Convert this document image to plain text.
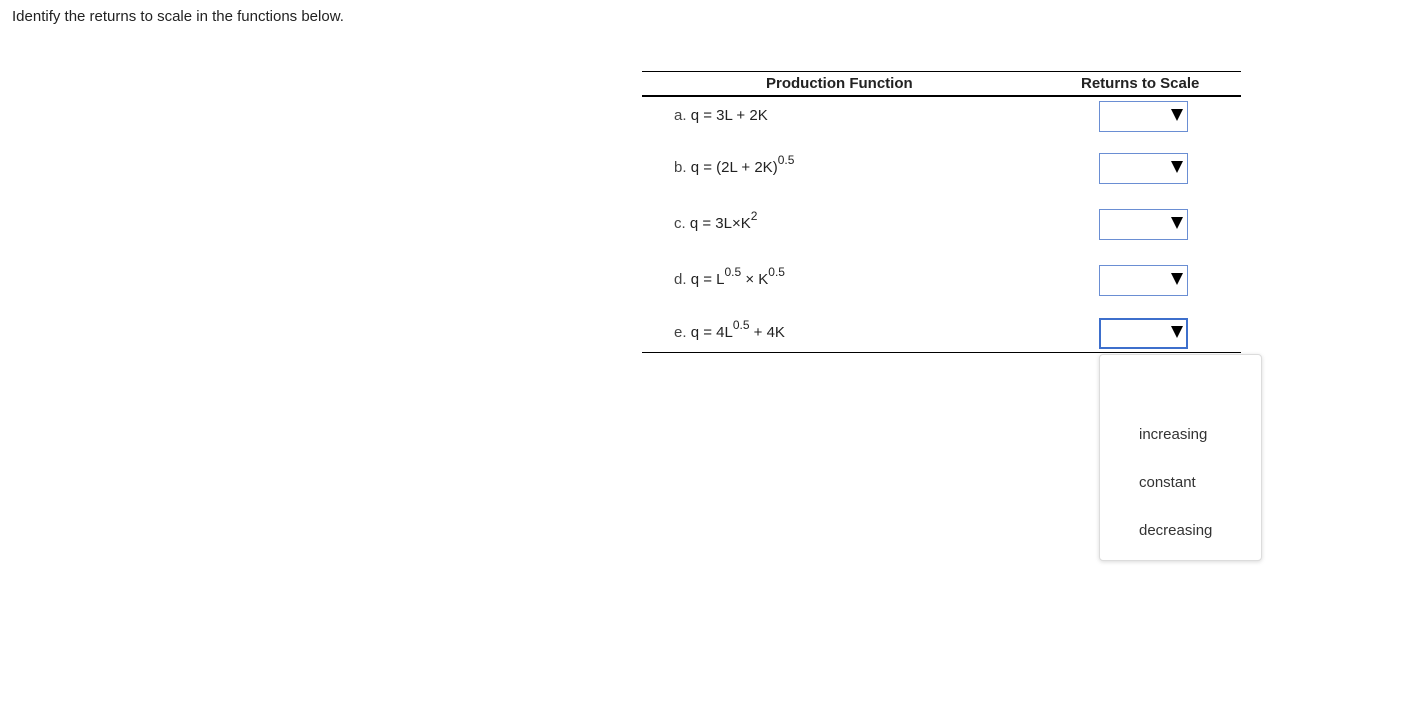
Identify the returns to scale in the functions below.
Production Function	Returns to Scale
a. q = 3L + 2K
b. $q = (2L + 2K)^{0.5}$
c. $q = 3L\times K^2$
d. $q = L^{0.5} \times K^{0.5}$
e. $q = 4L^{0.5} + 4K$
increasing
constant
decreasing
